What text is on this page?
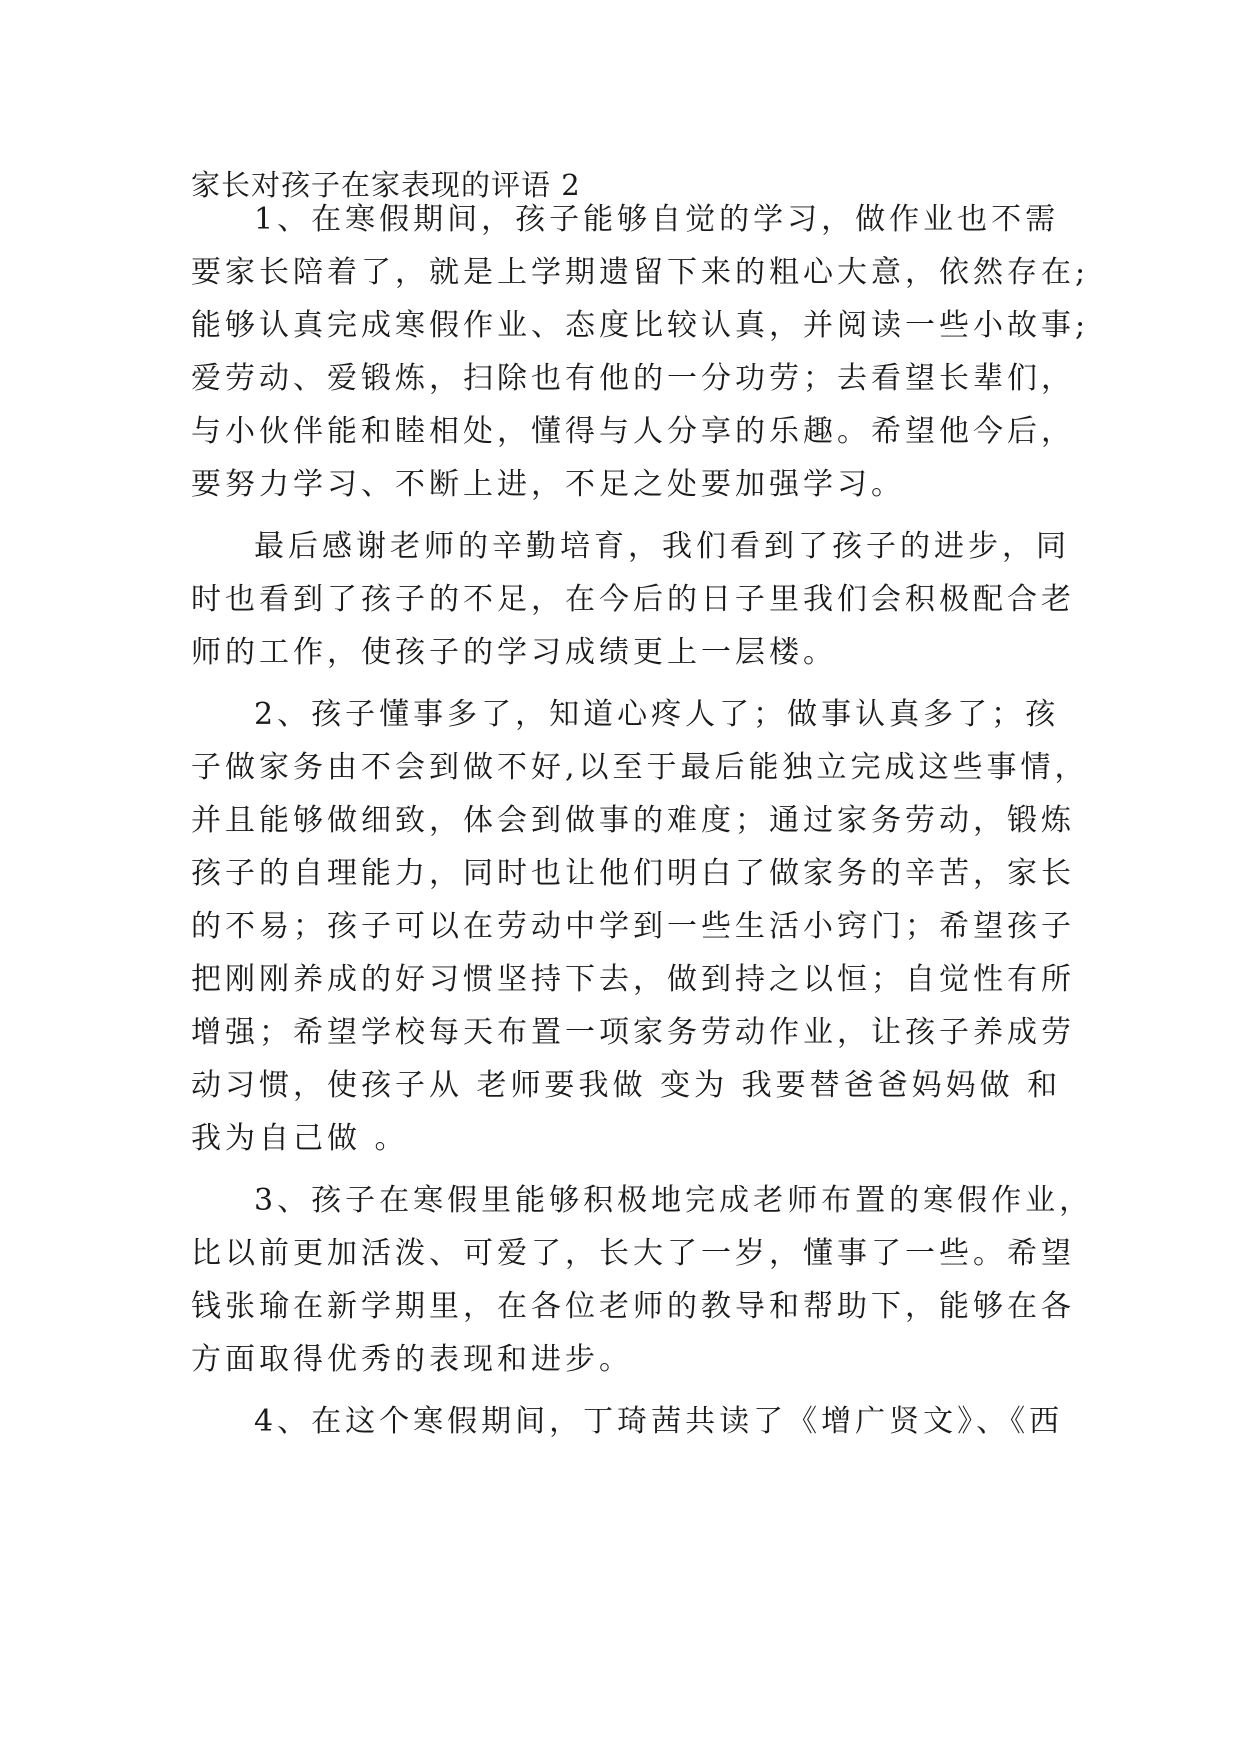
家长对孩子在家表现的评语 2
1、在寒假期间，孩子能够自觉的学习，做作业也不需
要家长陪着了，就是上学期遗留下来的粗心大意，依然存在;
能够认真完成寒假作业、态度比较认真，并阅读一些小故事;
爱劳动、爱锻炼，扫除也有他的一分功劳；去看望长辈们，
与小伙伴能和睦相处，懂得与人分享的乐趣。希望他今后，
要努力学习、不断上进，不足之处要加强学习。
最后感谢老师的辛勤培育，我们看到了孩子的进步，同
时也看到了孩子的不足，在今后的日子里我们会积极配合老
师的工作，使孩子的学习成绩更上一层楼。
2、孩子懂事多了，知道心疼人了；做事认真多了；孩
子做家务由不会到做不好,以至于最后能独立完成这些事情，
并且能够做细致，体会到做事的难度；通过家务劳动，锻炼
孩子的自理能力，同时也让他们明白了做家务的辛苦，家长
的不易；孩子可以在劳动中学到一些生活小窍门；希望孩子
把刚刚养成的好习惯坚持下去，做到持之以恒；自觉性有所
增强；希望学校每天布置一项家务劳动作业，让孩子养成劳
动习惯，使孩子从 老师要我做 变为 我要替爸爸妈妈做 和
我为自己做 。
3、孩子在寒假里能够积极地完成老师布置的寒假作业，
比以前更加活泼、可爱了，长大了一岁，懂事了一些。希望
钱张瑜在新学期里，在各位老师的教导和帮助下，能够在各
方面取得优秀的表现和进步。
4、在这个寒假期间，丁琦茜共读了《增广贤文》、《西
